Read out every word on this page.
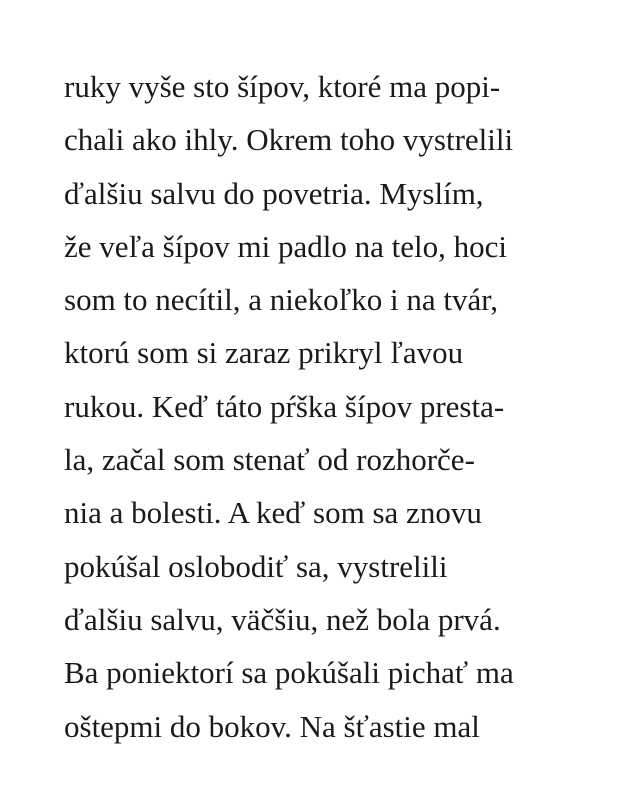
ruky vyše sto šípov, ktoré ma popi-
chali ako ihly. Okrem toho vystrelili
ďalšiu salvu do povetria. Myslím,
že veľa šípov mi padlo na telo, hoci
som to necítil, a niekoľko i na tvár,
ktorú som si zaraz prikryl ľavou
rukou. Keď táto pŕška šípov presta-
la, začal som stenať od rozhorče-
nia a bolesti. A keď som sa znovu
pokúšal oslobodiť sa, vystrelili
ďalšiu salvu, väčšiu, než bola prvá.
Ba poniektorí sa pokúšali pichať ma
oštepmi do bokov. Na šťastie mal
